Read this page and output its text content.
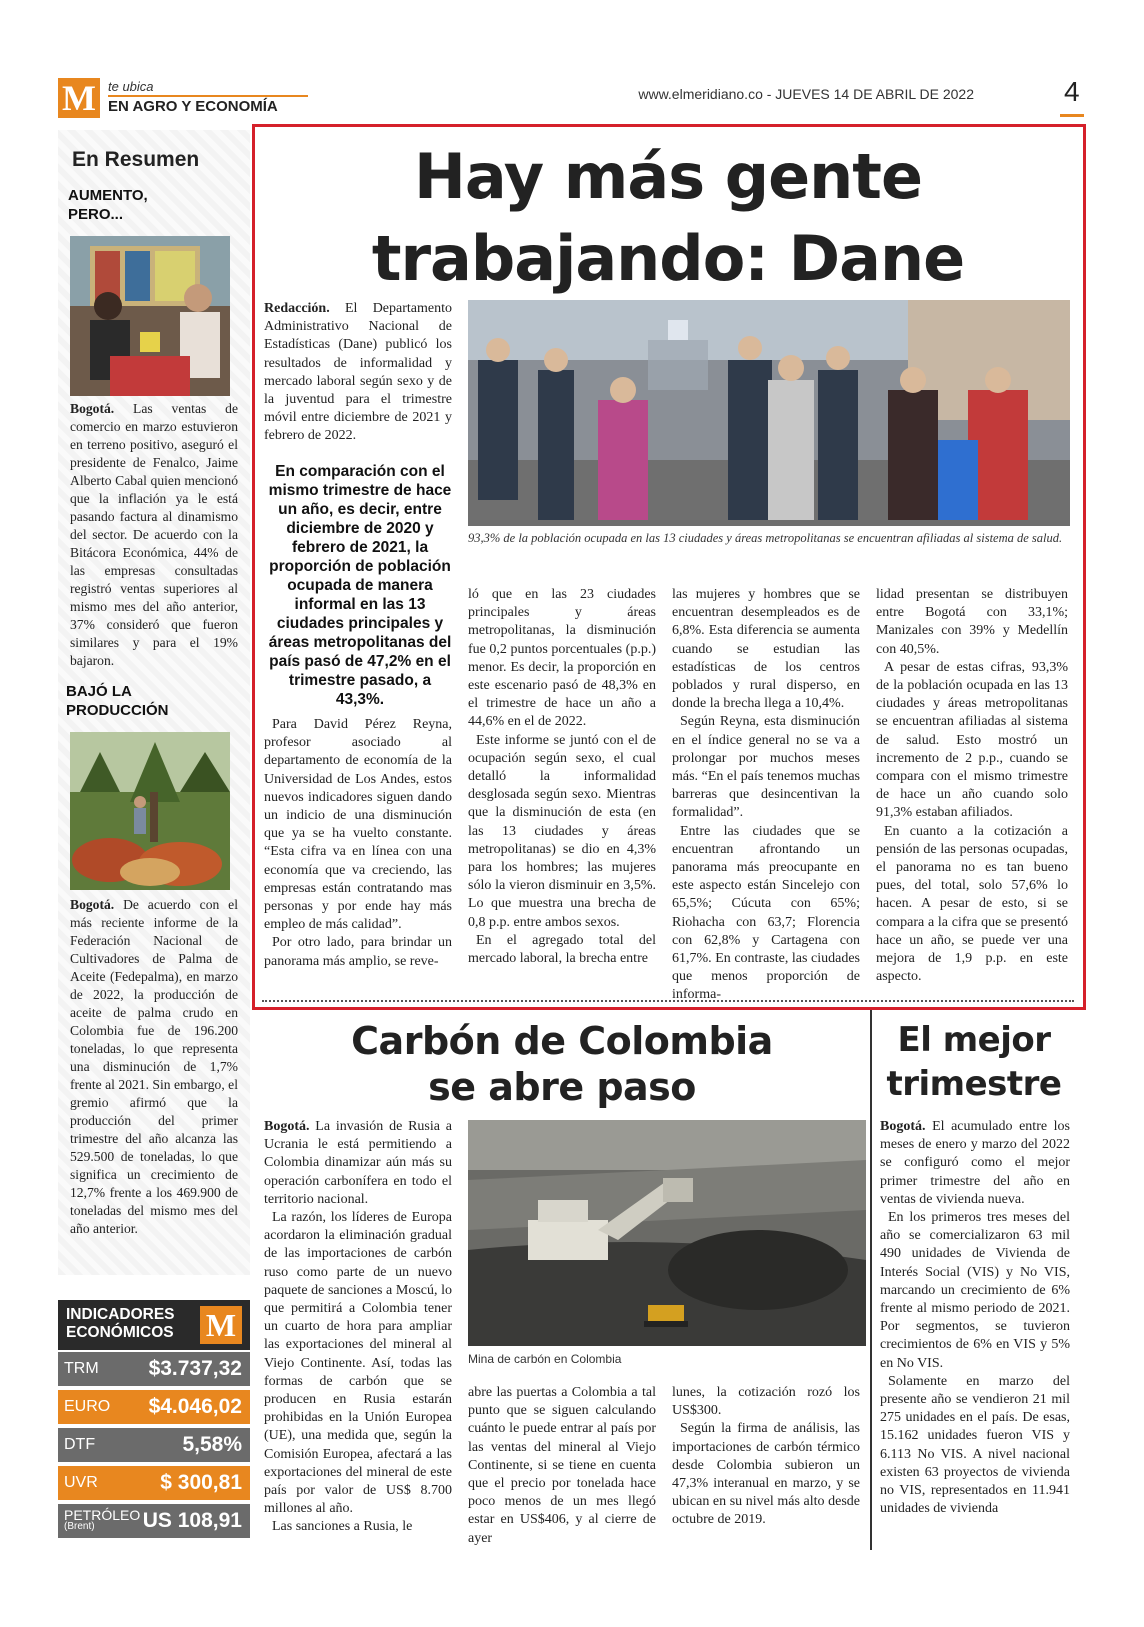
M te ubica
EN AGRO Y ECONOMÍA
www.elmeridiano.co - JUEVES 14 DE ABRIL DE 2022	4
En Resumen
AUMENTO, PERO...
Bogotá. Las ventas de comercio en marzo estuvieron en terreno positivo, aseguró el presidente de Fenalco, Jaime Alberto Cabal quien mencionó que la inflación ya le está pasando factura al dinamismo del sector. De acuerdo con la Bitácora Económica, 44% de las empresas consultadas registró ventas superiores al mismo mes del año anterior, 37% consideró que fueron similares y para el 19% bajaron.
BAJÓ LA PRODUCCIÓN
Bogotá. De acuerdo con el más reciente informe de la Federación Nacional de Cultivadores de Palma de Aceite (Fedepalma), en marzo de 2022, la producción de aceite de palma crudo en Colombia fue de 196.200 toneladas, lo que representa una disminución de 1,7% frente al 2021. Sin embargo, el gremio afirmó que la producción del primer trimestre del año alcanza las 529.500 de toneladas, lo que significa un crecimiento de 12,7% frente a los 469.900 de toneladas del mismo mes del año anterior.
INDICADORES ECONÓMICOS	M
TRM $3.737,32
EURO $4.046,02
DTF	5,58%
UVR	$ 300,81
PETRÓLEO
(Brent)	US 108,91
Hay más gente
trabajando: Dane
Redacción. El Departamento Administrativo Nacional de Estadísticas (Dane) publicó los resultados de informalidad y mercado laboral según sexo y de la juventud para el trimestre móvil entre diciembre de 2021 y febrero de 2022.
En comparación con el mismo trimestre de hace un año, es decir, entre diciembre de 2020 y febrero de 2021, la proporción de población ocupada de manera informal en las 13 ciudades principales y áreas metropolitanas del país pasó de 47,2% en el trimestre pasado, a 43,3%.

Para David Pérez Reyna, profesor asociado al departamento de economía de la Universidad de Los Andes, estos nuevos indicadores siguen dando un indicio de una disminución que ya se ha vuelto constante. “Esta cifra va en línea con una economía que va creciendo, las empresas están contratando mas personas y por ende hay más empleo de más calidad”.

Por otro lado, para brindar un panorama más amplio, se reve-

93,3% de la población ocupada en las 13 ciudades y áreas metropolitanas se encuentran afiliadas al sistema de salud.

ló que en las 23 ciudades principales y áreas metropolitanas, la disminución fue 0,2 puntos porcentuales (p.p.) menor. Es decir, la proporción en este escenario pasó de 48,3% en el trimestre de hace un año a 44,6% en el de 2022.

Este informe se juntó con el de ocupación según sexo, el cual detalló la informalidad desglosada según sexo. Mientras que la disminución de esta (en las 13 ciudades y áreas metropolitanas) se dio en 4,3% para los hombres; las mujeres sólo la vieron disminuir en 3,5%. Lo que muestra una brecha de 0,8 p.p. entre ambos sexos.

En el agregado total del mercado laboral, la brecha entre

las mujeres y hombres que se encuentran desempleados es de 6,8%. Esta diferencia se aumenta cuando se estudian las estadísticas de los centros poblados y rural disperso, en donde la brecha llega a 10,4%.

Según Reyna, esta disminución en el índice general no se va a prolongar por muchos meses más. “En el país tenemos muchas barreras que desincentivan la formalidad”.

Entre las ciudades que se encuentran afrontando un panorama más preocupante en este aspecto están Sincelejo con 65,5%; Cúcuta con 65%; Riohacha con 63,7; Florencia con 62,8% y Cartagena con 61,7%. En contraste, las ciudades que menos proporción de informa-

lidad presentan se distribuyen entre Bogotá con 33,1%; Manizales con 39% y Medellín con 40,5%.

A pesar de estas cifras, 93,3% de la población ocupada en las 13 ciudades y áreas metropolitanas se encuentran afiliadas al sistema de salud. Esto mostró un incremento de 2 p.p., cuando se compara con el mismo trimestre de hace un año cuando solo 91,3% estaban afiliados.

En cuanto a la cotización a pensión de las personas ocupadas, el panorama no es tan bueno pues, del total, solo 57,6% lo hacen. A pesar de esto, si se compara a la cifra que se presentó hace un año, se puede ver una mejora de 1,9 p.p. en este aspecto.

Carbón de Colombia
se abre paso

Bogotá. La invasión de Rusia a Ucrania le está permitiendo a Colombia dinamizar aún más su operación carbonífera en todo el territorio nacional.

La razón, los líderes de Europa acordaron la eliminación gradual de las importaciones de carbón ruso como parte de un nuevo paquete de sanciones a Moscú, lo que permitirá a Colombia tener un cuarto de hora para ampliar las exportaciones del mineral al Viejo Continente. Así, todas las formas de carbón que se producen en Rusia estarán prohibidas en la Unión Europea (UE), una medida que, según la Comisión Europea, afectará a las exportaciones del mineral de este país por valor de US$ 8.700 millones al año.

Las sanciones a Rusia, le

Mina de carbón en Colombia

abre las puertas a Colombia a tal punto que se siguen calculando cuánto le puede entrar al país por las ventas del mineral al Viejo Continente, si se tiene en cuenta que el precio por tonelada hace poco menos de un mes llegó estar en US$406, y al cierre de ayer

lunes, la cotización rozó los US$300.

Según la firma de análisis, las importaciones de carbón térmico desde Colombia subieron un 47,3% interanual en marzo, y se ubican en su nivel más alto desde octubre de 2019.

El mejor
trimestre

Bogotá. El acumulado entre los meses de enero y marzo del 2022 se configuró como el mejor primer trimestre del año en ventas de vivienda nueva.

En los primeros tres meses del año se comercializaron 63 mil 490 unidades de Vivienda de Interés Social (VIS) y No VIS, marcando un crecimiento de 6% frente al mismo periodo de 2021. Por segmentos, se tuvieron crecimientos de 6% en VIS y 5% en No VIS.

Solamente en marzo del presente año se vendieron 21 mil 275 unidades en el país. De esas, 15.162 unidades fueron VIS y 6.113 No VIS. A nivel nacional existen 63 proyectos de vivienda no VIS, representados en 11.941 unidades de vivienda
